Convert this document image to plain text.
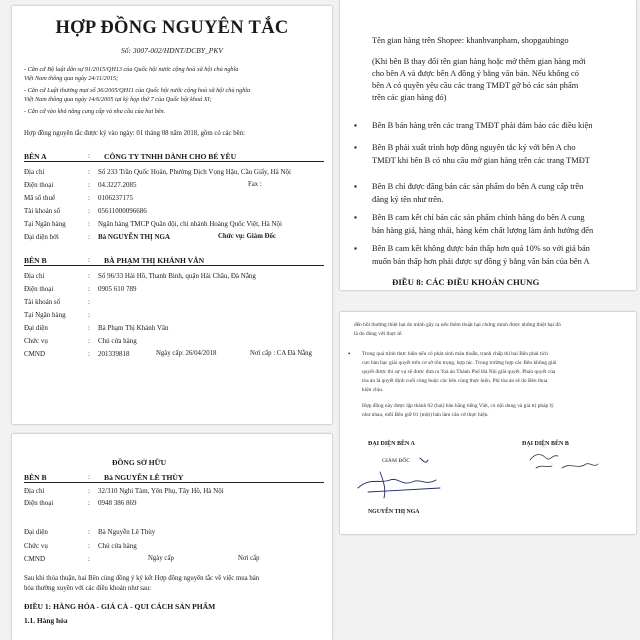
HỢP ĐỒNG NGUYÊN TẮC
Số: 3007-002/HDNT/DCBY_PKV
- Căn cứ Bộ luật dân sự 91/2015/QH13 của Quốc hội nước cộng hoà xã hội chủ nghĩa
Việt Nam thông qua ngày 24/11/2015;
- Căn cứ Luật thương mại số 36/2005/QH11 của Quốc hội nước cộng hoà xã hội chủ nghĩa
Việt Nam thông qua ngày 14/6/2005 tại kỳ họp thứ 7 của Quốc hội khoá XI;
- Căn cứ vào khả năng cung cấp và nhu cầu của hai bên.
Hợp đồng nguyên tắc được ký vào ngày: 01 tháng 08 năm 2018, gồm có các bên:
BÊN A	: CÔNG TY TNHH DÀNH CHO BÉ YÊU
Địa chỉ	: Số 233 Trần Quốc Hoàn, Phường Dịch Vọng Hậu, Cầu Giấy, Hà Nội
Điện thoại	: 04.3227.2085	Fax :
Mã số thuế	: 0106237175
Tài khoản số	: 05611000096686
Tại Ngân hàng	: Ngân hàng TMCP Quân đội, chi nhánh Hoàng Quốc Việt, Hà Nội
Đại diện bởi	: Bà NGUYỄN THỊ NGA	Chức vụ: Giám Đốc
BÊN B	: BÀ PHẠM THỊ KHÁNH VÂN
Địa chỉ	: Số 96/33 Hải Hồ, Thanh Bình, quận Hải Châu, Đà Nẵng
Điện thoại	: 0905 610 789
Tài khoản số	:
Tại Ngân hàng	:
Đại diện	: Bà Phạm Thị Khánh Vân
Chức vụ	: Chủ cửa hàng
CMND	: 201339818	Ngày cấp: 26/04/2018	Nơi cấp : CA Đà Nẵng
Tên gian hàng trên Shopee: khanhvanpham, shopgaubingo
(Khi bên B thay đổi tên gian hàng hoặc mở thêm gian hàng mới
cho bên A và được bên A đồng ý bằng văn bản. Nếu không có
bên A có quyền yêu cầu các trang TMĐT gỡ bỏ các sản phẩm
trên các gian hàng đó)
▪ Bên B bán hàng trên các trang TMĐT phải đảm bảo các điều kiện
▪ Bên B phải xuất trình hợp đồng nguyên tắc ký với bên A cho
TMĐT khi bên B có nhu cầu mở gian hàng trên các trang TMĐT
▪ Bên B chỉ được đăng bán các sản phẩm do bên A cung cấp trên
đăng ký tên như trên.
▪ Bên B cam kết chỉ bán các sản phẩm chính hãng do bên A cung
bán hàng giả, hàng nhái, hàng kém chất lượng làm ảnh hưởng đến
▪ Bên B cam kết không được bán thấp hơn quá 10% so với giá bán
muốn bán thấp hơn phải được sự đồng ý bằng văn bản của bên A
ĐIỀU 8: CÁC ĐIỀU KHOẢN CHUNG
đến bồi thường thiệt hại do mình gây ra nếu thêm thuật hại chứng minh được những thiệt hại đó
là do đúng với thực tế.
• Trong quá trình thực hiện nếu có phát sinh mâu thuẫn, tranh chấp thì hai Bên phải tích
cực bàn bạc giải quyết trên cơ sở tôn trọng, hợp tác. Trong trường hợp các Bên không giải
quyết được thì sự vụ sẽ được đưa ra Toà án Thành Phố Hà Nội giải quyết. Phán quyết của
tòa án là quyết định cuối cùng buộc các bên cùng thực hiện. Phí tòa án sẽ do Bên thua
kiện chịu.
Hợp đồng này được lập thành 02 (hai) bản bằng tiếng Việt, có nội dung và giá trị pháp lý
như nhau, mỗi Bên giữ 01 (một) bản làm căn cứ thực hiện.
ĐẠI DIỆN BÊN A	ĐẠI DIỆN BÊN B
GIÁM ĐỐC
NGUYỄN THỊ NGA
ĐỒNG SỞ HỮU
BÊN B	: Bà NGUYỄN LÊ THÙY
Địa chỉ	: 32/310 Nghi Tàm, Yên Phụ, Tây Hồ, Hà Nội
Điện thoại	: 0948 386 869
Đại diện	: Bà Nguyễn Lê Thùy
Chức vụ	: Chủ cửa hàng
CMND	:	Ngày cấp	Nơi cấp
Sau khi thỏa thuận, hai Bên cùng đồng ý ký kết Hợp đồng nguyên tắc về việc mua bán
hóa thường xuyên với các điều khoản như sau:
ĐIỀU 1: HÀNG HÓA - GIÁ CẢ - QUI CÁCH SẢN PHẨM
1.1. Hàng hóa
